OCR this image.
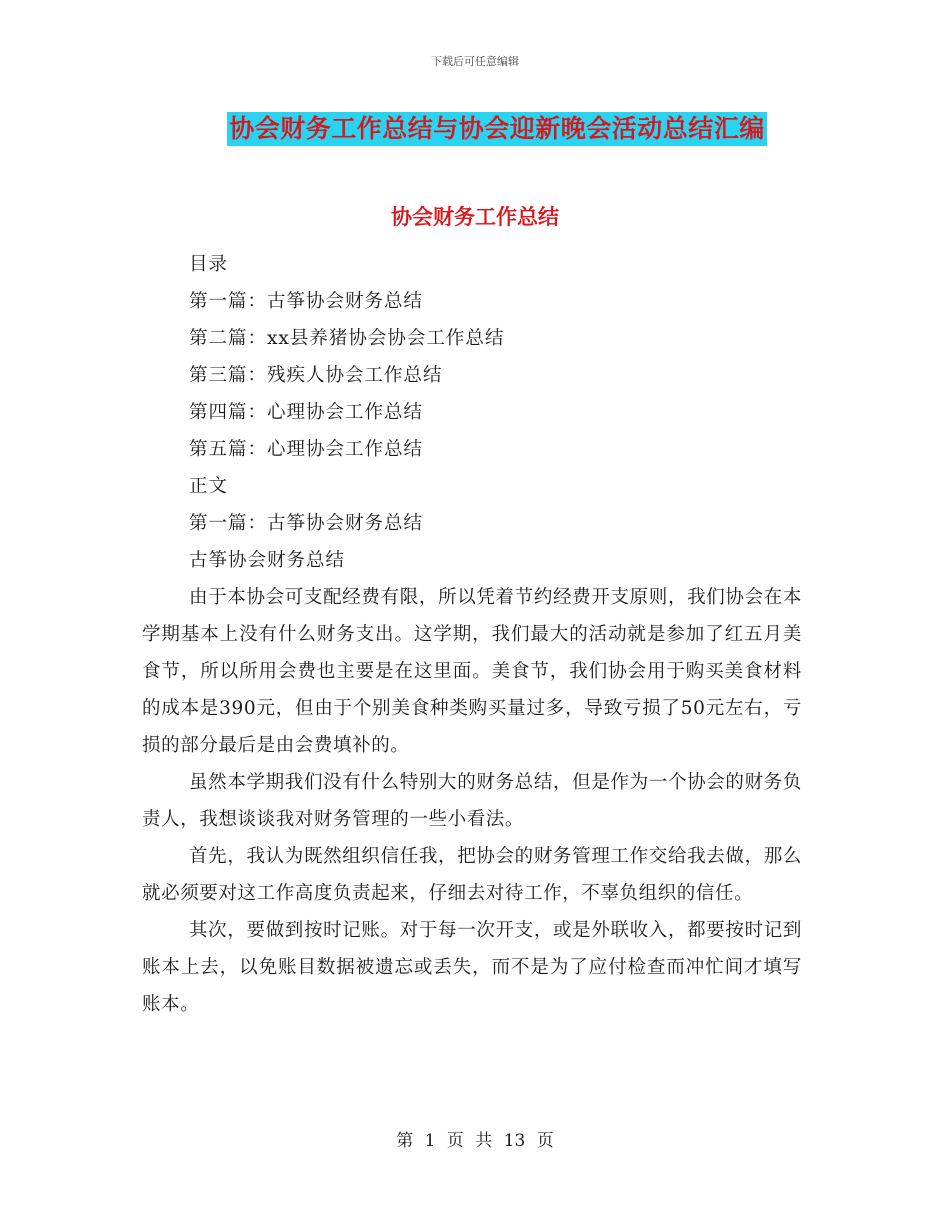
下载后可任意编辑
协会财务工作总结与协会迎新晚会活动总结汇编
协会财务工作总结
目录
第一篇：古筝协会财务总结
第二篇：xx县养猪协会协会工作总结
第三篇：残疾人协会工作总结
第四篇：心理协会工作总结
第五篇：心理协会工作总结
正文
第一篇：古筝协会财务总结
古筝协会财务总结

由于本协会可支配经费有限，所以凭着节约经费开支原则，我们协会在本学期基本上没有什么财务支出。这学期，我们最大的活动就是参加了红五月美食节，所以所用会费也主要是在这里面。美食节，我们协会用于购买美食材料的成本是390元，但由于个别美食种类购买量过多，导致亏损了50元左右，亏损的部分最后是由会费填补的。

虽然本学期我们没有什么特别大的财务总结，但是作为一个协会的财务负责人，我想谈谈我对财务管理的一些小看法。

首先，我认为既然组织信任我，把协会的财务管理工作交给我去做，那么就必须要对这工作高度负责起来，仔细去对待工作，不辜负组织的信任。

其次，要做到按时记账。对于每一次开支，或是外联收入，都要按时记到账本上去，以免账目数据被遗忘或丢失，而不是为了应付检查而冲忙间才填写账本。

第 1 页 共 13 页
